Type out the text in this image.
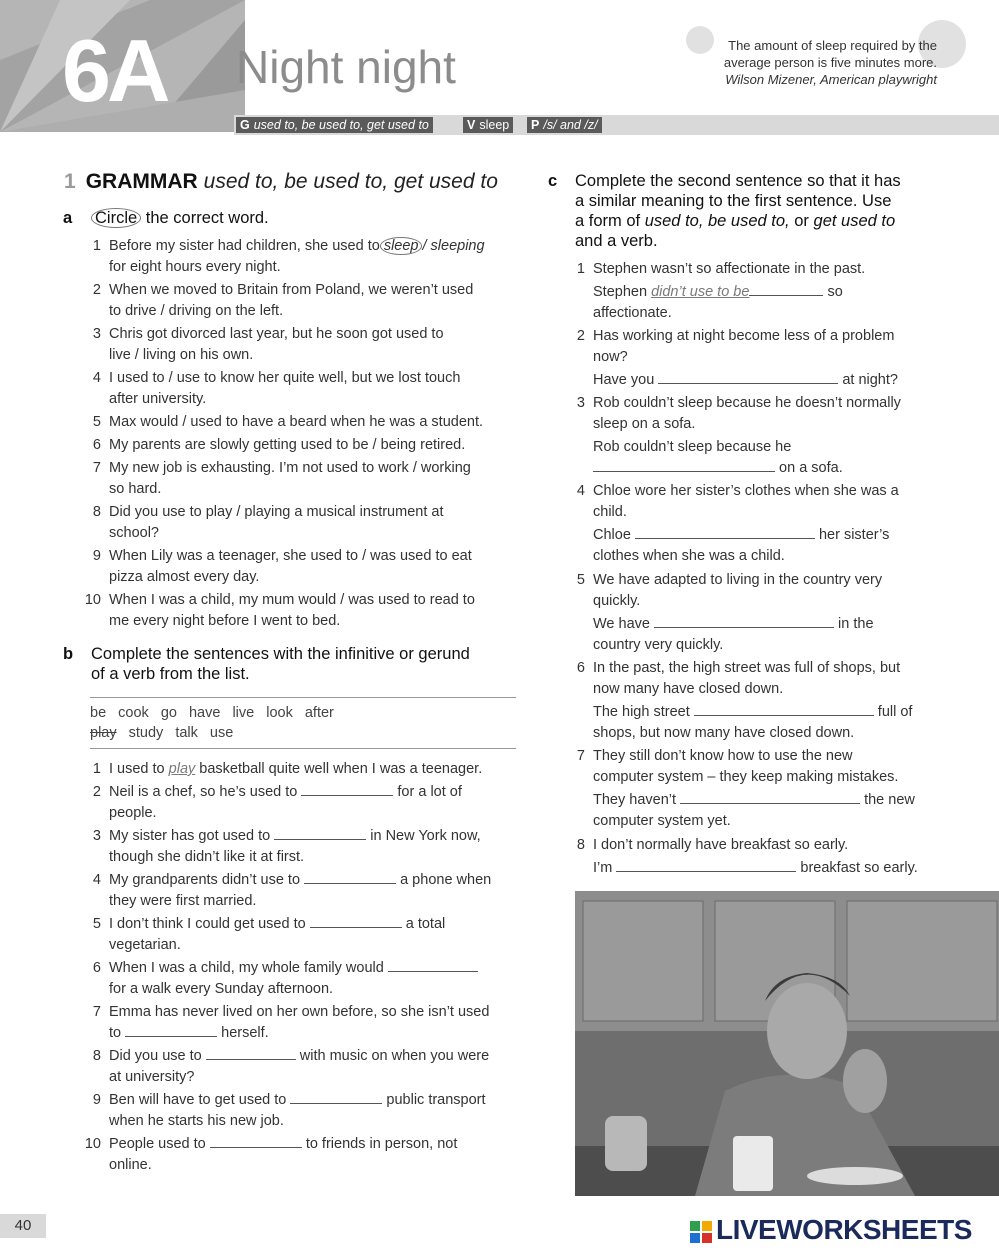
6A Night night	The amount of sleep required by the
average person is five minutes more.
Wilson Mizener, American playwright
G used to, be used to, get used to	V sleep	P /s/ and /z/
1 GRAMMAR used to, be used to, get used to
a Circle the correct word.
1 Before my sister had children, she used to sleep / sleeping
for eight hours every night.
2 When we moved to Britain from Poland, we weren’t used
to drive / driving on the left.
3 Chris got divorced last year, but he soon got used to
live / living on his own.
4 I used to / use to know her quite well, but we lost touch
after university.
5 Max would / used to have a beard when he was a student.
6 My parents are slowly getting used to be / being retired.
7 My new job is exhausting. I’m not used to work / working
so hard.
8 Did you use to play / playing a musical instrument at
school?
9 When Lily was a teenager, she used to / was used to eat
pizza almost every day.
10 When I was a child, my mum would / was used to read to
me every night before I went to bed.
b Complete the sentences with the infinitive or gerund
of a verb from the list.
be cook go have live look after
play study talk use
1 I used to play basketball quite well when I was a teenager.
2 Neil is a chef, so he’s used to	for a lot of
people.
3 My sister has got used to	in New York now,
though she didn’t like it at first.
4 My grandparents didn’t use to	a phone when
they were first married.
5 I don’t think I could get used to	a total
vegetarian.
6 When I was a child, my whole family would
for a walk every Sunday afternoon.
7 Emma has never lived on her own before, so she isn’t used
to	herself.
8 Did you use to	with music on when you were
at university?
9 Ben will have to get used to	public transport
when he starts his new job.
10 People used to	to friends in person, not
online.
c Complete the second sentence so that it has
a similar meaning to the first sentence. Use
a form of used to, be used to, or get used to
and a verb.
1 Stephen wasn’t so affectionate in the past.
Stephen didn’t use to be	so
affectionate.
2 Has working at night become less of a problem
now?
Have you	at night?
3 Rob couldn’t sleep because he doesn’t normally
sleep on a sofa.
Rob couldn’t sleep because he
on a sofa.
4 Chloe wore her sister’s clothes when she was a
child.
Chloe	her sister’s
clothes when she was a child.
5 We have adapted to living in the country very
quickly.
We have	in the
country very quickly.
6 In the past, the high street was full of shops, but
now many have closed down.
The high street	full of
shops, but now many have closed down.
7 They still don’t know how to use the new
computer system – they keep making mistakes.
They haven’t	the new
computer system yet.
8 I don’t normally have breakfast so early.
I’m	breakfast so early.
40	LIVEWORKSHEETS
